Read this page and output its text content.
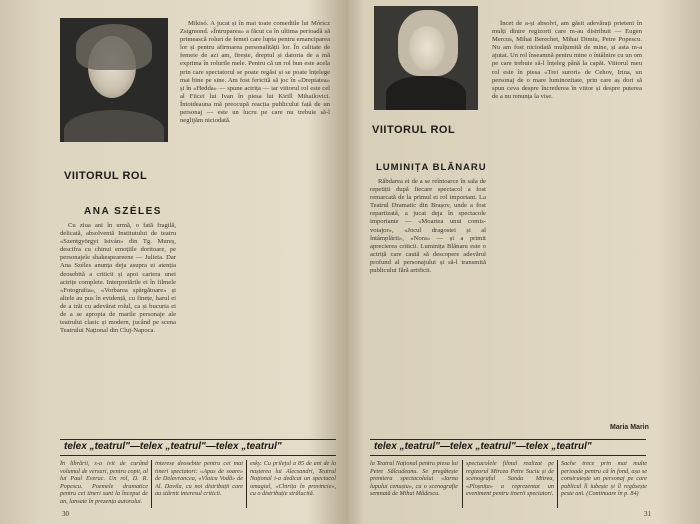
VIITORUL ROL
ANA SZÉLES

Cu ziua ani în urmă, o fată fragilă, delicată, absolventă Institutului de teatru «Szentgyörgyi István» din Tg. Mureș, descifra cu chinui emoțiile doritoare, pe personajele shakespeareene — Julieta. Dar Ana Széles anunța deja asupra ei atenția deosebită a criticii și apoi cariera unei actrițe complete. Interpretările ei în filmele «Fotografia», «Vorbarea spărgătoare» și altele au pus în evidență, cu finețe, harul ei de a trăi cu adevărat rolul, ca și bucuria ei de a se apropia de marile personaje ale teatrului clasic și modern, jucând pe scena Teatrului Național din Cluj-Napoca.

Mikisó. A jucat și în mai toate comediile lui Móricz Zsigmond. «Întruparea» a făcut ca în ultima perioadă să primească roluri de femei care lupta pentru emanciparea lor și pentru afirmarea personalității lor. În calitate de femeie de azi am, firește, dreptul și datoria de a mă exprima în rolurile mele. Pentru că un rol bun este acela prin care spectatorul se poate regăsi și se poate înțelege mai bine pe sine. Am fost fericită să joc în «Dreptatea» și în «Hedda» — spune actrița — iar viitorul rol este cel al Fiicei lui Ivan în piesa lui Kirill Mihailovici. Întotdeauna mă preocupă reacția publicului față de un personaj — este un lucru pe care nu trebuie să-l neglijăm niciodată.

telex „teatrul"—telex „teatrul"—telex „teatrul"
În librării, s-a ivit de curând volumul de versuri, pentru copii, al lui Paul Everac. Un rol, D. R. Popescu. Poemele dramatice pentru cei tineri sunt la început de an, lansate în prezența autorului.
interese deosebite pentru cei mai tineri spectatori: «Apus de soare» de Delavrancea, «Vlaicu Vodă» de Al. Davila, cu noi distribuții care au stârnit interesul criticii.
esky. Cu prilejul a 85 de ani de la nașterea lui Alecsandri, Teatrul Național i-a dedicat un spectacol omagial, «Chirița în provincie», cu o distribuție strălucită.
30
VIITORUL ROL
LUMINIȚA BLĂNARU

Răbdarea ei de a se reîntoarce în sala de repetiții după fiecare spectacol a fost remarcată de la primul ei rol important. La Teatrul Dramatic din Brașov, unde a fost repartizată, a jucat deja în spectacole importante — «Moartea unui comis-voiajor», «Jocul dragostei și al întâmplării», «Nora» — și a primit aprecierea criticii. Luminița Blănaru este o actriță care caută să descopere adevărul profund al personajului și să-l transmită publicului fără artificii.

Încet de a-și absolvi, am găsit adevărați prieteni în mulți dintre regizorii care m-au distribuit — Eugen Mercus, Mihai Berechet, Mihai Dimiu, Petre Popescu. Nu am fost niciodată mulțumită de mine, și asta m-a ajutat. Un rol înseamnă pentru mine o întâlnire cu un om pe care trebuie să-l înțeleg până la capăt. Viitorul meu rol este în piesa «Trei surori» de Cehov, Irina, un personaj de o mare luminozitate, prin care aș dori să spun ceva despre încrederea în viitor și despre puterea de a nu renunța la vise.

Maria Marin
telex „teatrul"—telex „teatrul"—telex „teatrul"
la Teatrul Național pentru piesa lui Petre Sălcudeanu. Se pregătește premiera spectacolului «Iarna lupului cenușiu», cu o scenografie semnată de Mihai Mădescu.
spectacolele filmul realizat pe regizorul Mircea Petre Suciu și de scenograful Sanda Mitrea, «Ploșnița» a reprezentat un eveniment pentru tinerii spectatori.
Sache trece prin mai multe perioade pentru că în fond, așa se construiește un personaj pe care publicul îl iubește și îl regăsește peste ani. (Continuare în p. 84)
31
